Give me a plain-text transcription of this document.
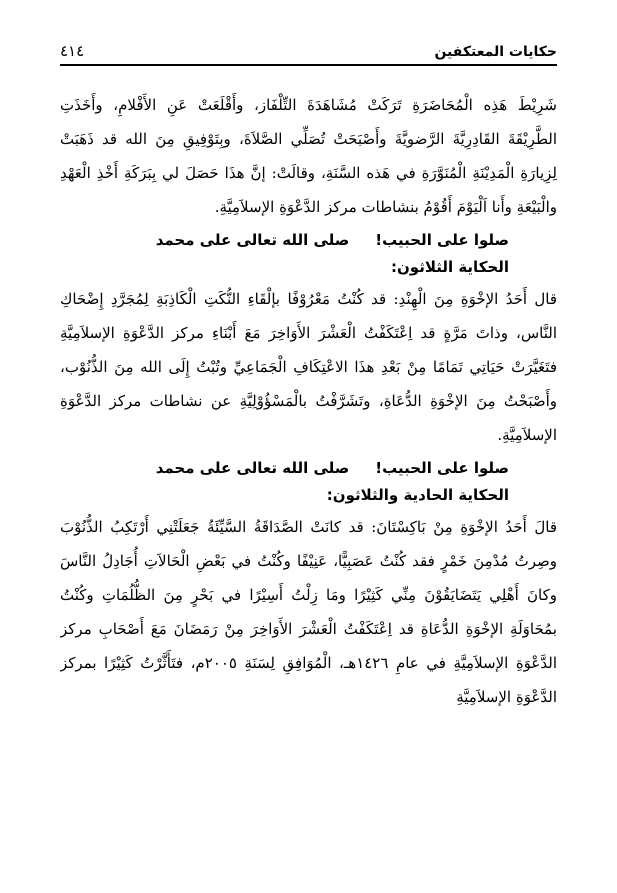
حكايات المعتكفين
٤١٤

شَرِيْطَ هَذِه الْمُحَاضَرَةِ تَرَكَتْ مُشَاهَدَةَ التِّلْفَاز، وأَقْلَعَتْ عَنِ الأَفْلامِ، وأَخَذَتِ الطَّرِيْقَةَ القَادِرِيَّةَ الرَّضويَّةَ وأَصْبَحَتْ تُصَلِّي الصَّلاَةَ، وبِتَوْفِيقِ مِنَ الله قد ذَهَبَتْ لِزِيارَةِ الْمَدِيْنَةِ الْمُنَوَّرَةِ في هَذه السَّنَةِ، وقالَتْ: إنَّ هذَا حَصَلَ لي بِبَرَكَةِ أَخْذِ الْعَهْدِ والْبَيْعَةِ وأَنا اَلْيَوْمَ أَقُوْمُ بنشاطات مركز الدَّعْوَةِ الإسلاَمِيَّةِ.

صلوا على الحبيب!
صلى الله تعالى على محمد
الحكاية الثلاثون:

قال أَحَدُ الإخْوَةِ مِنَ الْهِنْدِ: قد كُنْتُ مَعْرُوْفًا بإلْقَاءِ النُّكَتِ الْكَاذِبَةِ لِمُجَرَّدِ إِضْحَاكِ النَّاس، وذاتَ مَرَّةٍ قد اِعْتَكَفْتُ الْعَشْرَ الأَوَاخِرَ مَعَ أَبْنَاءِ مركز الدَّعْوَةِ الإسلاَمِيَّةِ فتَغَيَّرَتْ حَيَاتِي تَمَامًا مِنْ بَعْدِ هذَا الاعْتِكَافِ الْجَمَاعِيِّ وتُبْتُ إِلَى الله مِنَ الذُّنُوْب، وأَصْبَحْتُ مِنَ الإخْوَةِ الدُّعَاةِ، وتَشَرَّفْتُ بالْمَسْؤُوْلِيَّةِ عن نشاطات مركز الدَّعْوَةِ الإسلاَمِيَّةِ.

صلوا على الحبيب!
صلى الله تعالى على محمد
الحكاية الحادية والثلاثون:

قالَ أَحَدُ الإخْوَةِ مِنْ بَاكِسْتَانَ: قد كانَتْ الصَّدَاقَةُ السَّيِّئَةُ جَعَلَتْنِي أَرْتَكِبُ الذُّنُوْبَ وصِرتُ مُدْمِنَ خَمْرٍ فقد كُنْتُ عَصَبِيًّا، عَنِيْفًا وكُنْتُ في بَعْضِ الْحَالاَتِ أُجَادِلُ النَّاسَ وكانَ أَهْلِي يَتَضَايَقُوْنَ مِنِّي كَثِيْرًا ومَا زِلْتُ أَسِيْرًا في بَحْرٍ مِنَ الظُّلُمَاتِ وكُنْتُ بمُحَاوَلَةِ الإخْوَةِ الدُّعَاةِ قد اِعْتَكَفْتُ الْعَشْرَ الأَوَاخِرَ مِنْ رَمَضَانَ مَعَ أَصْحَابِ مركز الدَّعْوَةِ الإسلاَمِيَّةِ في عامِ ١٤٢٦هـ، الْمُوَافِقِ لِسَنَةِ ٢٠٠٥م، فتَأَثَّرْتُ كَثِيْرًا بمركز الدَّعْوَةِ الإسلاَمِيَّةِ
